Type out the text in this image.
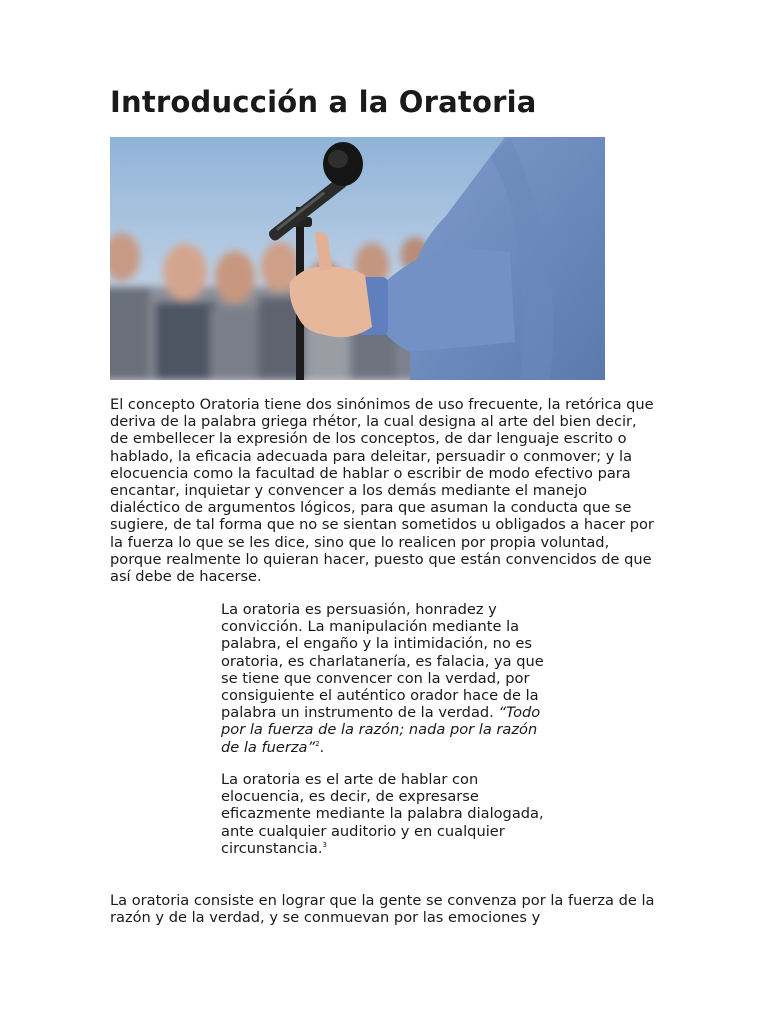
Introducción a la Oratoria

El concepto Oratoria tiene dos sinónimos de uso frecuente, la retórica que deriva de la palabra griega rhétor, la cual designa al arte del bien decir, de embellecer la expresión de los conceptos, de dar lenguaje escrito o hablado, la eficacia adecuada para deleitar, persuadir o conmover; y la elocuencia como la facultad de hablar o escribir de modo efectivo para encantar, inquietar y convencer a los demás mediante el manejo dialéctico de argumentos lógicos, para que asuman la conducta que se sugiere, de tal forma que no se sientan sometidos u obligados a hacer por la fuerza lo que se les dice, sino que lo realicen por propia voluntad, porque realmente lo quieran hacer, puesto que están convencidos de que así debe de hacerse.

La oratoria es persuasión, honradez y convicción. La manipulación mediante la palabra, el engaño y la intimidación, no es oratoria, es charlatanería, es falacia, ya que se tiene que convencer con la verdad, por consiguiente el auténtico orador hace de la palabra un instrumento de la verdad. “Todo por la fuerza de la razón; nada por la razón de la fuerza”$^2$.

La oratoria es el arte de hablar con elocuencia, es decir, de expresarse eficazmente mediante la palabra dialogada, ante cualquier auditorio y en cualquier circunstancia.$^3$

La oratoria consiste en lograr que la gente se convenza por la fuerza de la razón y de la verdad, y se conmuevan por las emociones y
